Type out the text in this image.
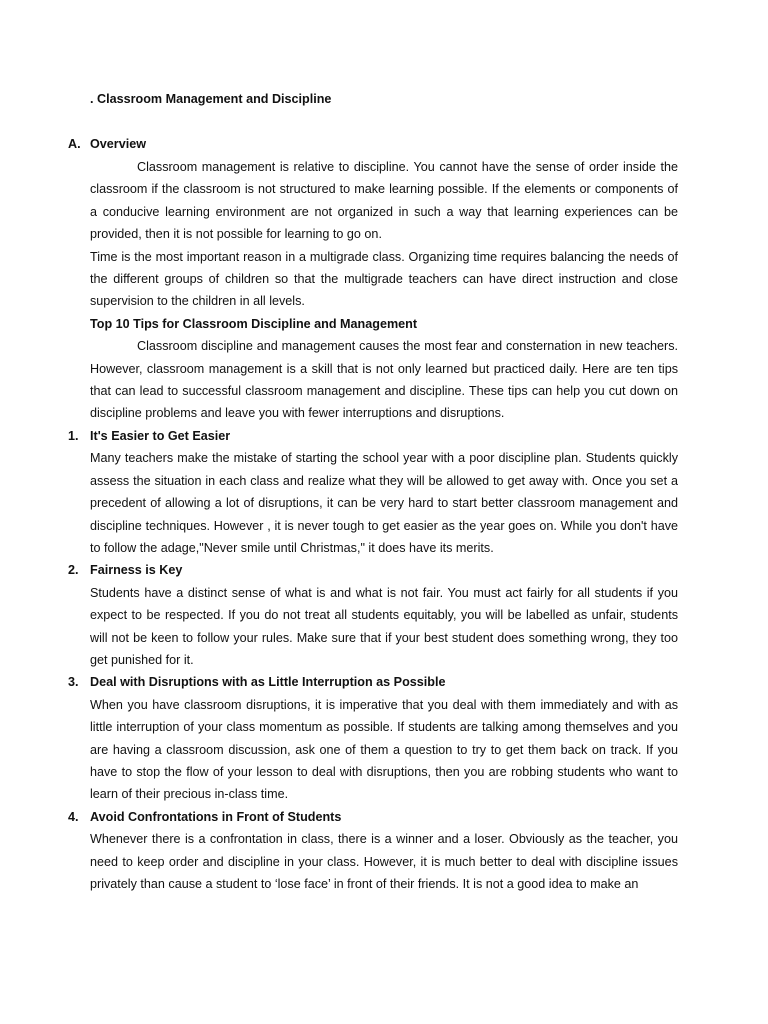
. Classroom Management and Discipline
A. Overview

Classroom management is relative to discipline. You cannot have the sense of order inside the classroom if the classroom is not structured to make learning possible. If the elements or components of a conducive learning environment are not organized in such a way that learning experiences can be provided, then it is not possible for learning to go on.

Time is the most important reason in a multigrade class. Organizing time requires balancing the needs of the different groups of children so that the multigrade teachers can have direct instruction and close supervision to the children in all levels.

Top 10 Tips for Classroom Discipline and Management

Classroom discipline and management causes the most fear and consternation in new teachers. However, classroom management is a skill that is not only learned but practiced daily. Here are ten tips that can lead to successful classroom management and discipline. These tips can help you cut down on discipline problems and leave you with fewer interruptions and disruptions.

1. It's Easier to Get Easier

Many teachers make the mistake of starting the school year with a poor discipline plan. Students quickly assess the situation in each class and realize what they will be allowed to get away with. Once you set a precedent of allowing a lot of disruptions, it can be very hard to start better classroom management and discipline techniques. However , it is never tough to get easier as the year goes on. While you don't have to follow the adage,"Never smile until Christmas," it does have its merits.

2. Fairness is Key

Students have a distinct sense of what is and what is not fair. You must act fairly for all students if you expect to be respected. If you do not treat all students equitably, you will be labelled as unfair, students will not be keen to follow your rules. Make sure that if your best student does something wrong, they too get punished for it.

3. Deal with Disruptions with as Little Interruption as Possible

When you have classroom disruptions, it is imperative that you deal with them immediately and with as little interruption of your class momentum as possible. If students are talking among themselves and you are having a classroom discussion, ask one of them a question to try to get them back on track. If you have to stop the flow of your lesson to deal with disruptions, then you are robbing students who want to learn of their precious in-class time.

4. Avoid Confrontations in Front of Students

Whenever there is a confrontation in class, there is a winner and a loser. Obviously as the teacher, you need to keep order and discipline in your class. However, it is much better to deal with discipline issues privately than cause a student to ‘lose face’ in front of their friends. It is not a good idea to make an
